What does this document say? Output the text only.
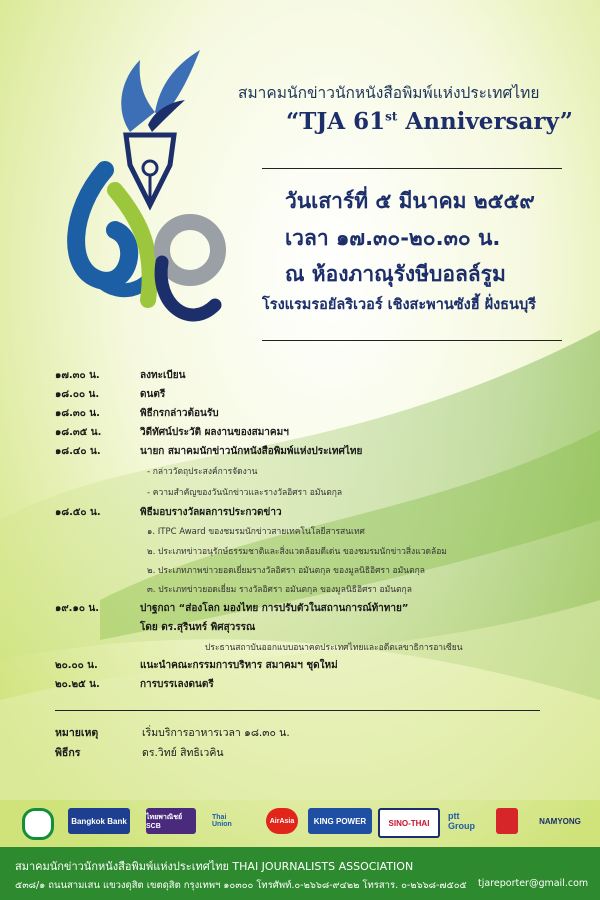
สมาคมนักข่าวนักหนังสือพิมพ์แห่งประเทศไทย
“TJA 61st Anniversary”
วันเสาร์ที่ ๕ มีนาคม ๒๕๕๙
เวลา ๑๗.๓๐-๒๐.๓๐ น.
ณ ห้องภาณุรังษีบอลล์รูม
โรงแรมรอยัลริเวอร์ เชิงสะพานซังฮี้ ฝั่งธนบุรี
๑๗.๓๐ น.	ลงทะเบียน
๑๘.๐๐ น.	ดนตรี
๑๘.๓๐ น.	พิธีกรกล่าวต้อนรับ
๑๘.๓๕ น.	วิดีทัศน์ประวัติ ผลงานของสมาคมฯ
๑๘.๔๐ น.	นายก สมาคมนักข่าวนักหนังสือพิมพ์แห่งประเทศไทย
- กล่าววัตถุประสงค์การจัดงาน
- ความสำคัญของวันนักข่าวและรางวัลอิศรา อมันตกุล
๑๘.๕๐ น.	พิธีมอบรางวัลผลการประกวดข่าว
๑. ITPC Award ของชมรมนักข่าวสายเทคโนโลยีสารสนเทศ
๒. ประเภทข่าวอนุรักษ์ธรรมชาติและสิ่งแวดล้อมดีเด่น ของชมรมนักข่าวสิ่งแวดล้อม
๒. ประเภทภาพข่าวยอดเยี่ยมรางวัลอิศรา อมันตกุล ของมูลนิธิอิศรา อมันตกุล
๓. ประเภทข่าวยอดเยี่ยม รางวัลอิศรา อมันตกุล ของมูลนิธิอิศรา อมันตกุล
๑๙.๑๐ น.	ปาฐกถา “ส่องโลก มองไทย การปรับตัวในสถานการณ์ท้าทาย”
โดย ดร.สุรินทร์ พิศสุวรรณ
ประธานสถาบันออกแบบอนาคตประเทศไทยและอดีตเลขาธิการอาเซียน
๒๐.๐๐ น.	แนะนำคณะกรรมการบริหาร สมาคมฯ ชุดใหม่
๒๐.๒๕ น.	การบรรเลงดนตรี
หมายเหตุ	เริ่มบริการอาหารเวลา ๑๘.๓๐ น.
พิธีกร	ดร.วิทย์ สิทธิเวคิน
Bangkok Bank	ไทยพาณิชย์ SCB
Thai Union	AirAsia	KING POWER	SINO-THAI
ptt Group	NAMYONG
สมาคมนักข่าวนักหนังสือพิมพ์แห่งประเทศไทย THAI JOURNALISTS ASSOCIATION
๕๓๘/๑ ถนนสามเสน แขวงดุสิต เขตดุสิต กรุงเทพฯ ๑๐๓๐๐ โทรศัพท์.๐-๒๖๖๘-๙๔๒๒ โทรสาร. ๐-๒๖๖๘-๗๕๐๕ tjareporter@gmail.com
